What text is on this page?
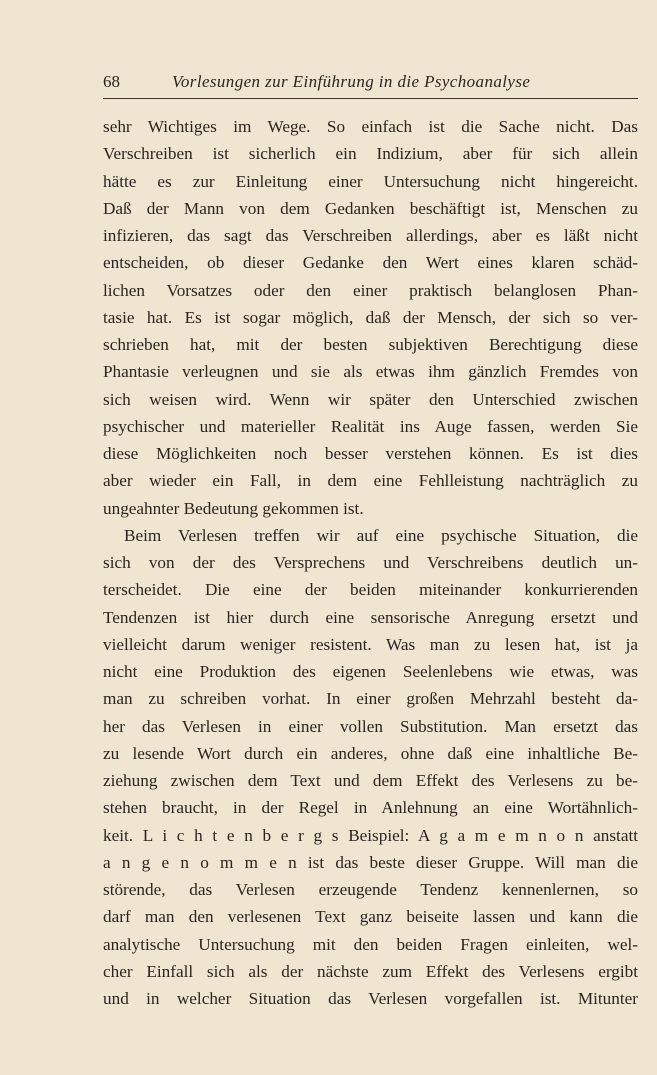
68	Vorlesungen zur Einführung in die Psychoanalyse
sehr Wichtiges im Wege. So einfach ist die Sache nicht. Das
Verschreiben ist sicherlich ein Indizium, aber für sich allein
hätte es zur Einleitung einer Untersuchung nicht hingereicht.
Daß der Mann von dem Gedanken beschäftigt ist, Menschen zu
infizieren, das sagt das Verschreiben allerdings, aber es läßt nicht
entscheiden, ob dieser Gedanke den Wert eines klaren schäd-
lichen Vorsatzes oder den einer praktisch belanglosen Phan-
tasie hat. Es ist sogar möglich, daß der Mensch, der sich so ver-
schrieben hat, mit der besten subjektiven Berechtigung diese
Phantasie verleugnen und sie als etwas ihm gänzlich Fremdes von
sich weisen wird. Wenn wir später den Unterschied zwischen
psychischer und materieller Realität ins Auge fassen, werden Sie
diese Möglichkeiten noch besser verstehen können. Es ist dies
aber wieder ein Fall, in dem eine Fehlleistung nachträglich zu
ungeahnter Bedeutung gekommen ist.
Beim Verlesen treffen wir auf eine psychische Situation, die
sich von der des Versprechens und Verschreibens deutlich un-
terscheidet. Die eine der beiden miteinander konkurrierenden
Tendenzen ist hier durch eine sensorische Anregung ersetzt und
vielleicht darum weniger resistent. Was man zu lesen hat, ist ja
nicht eine Produktion des eigenen Seelenlebens wie etwas, was
man zu schreiben vorhat. In einer großen Mehrzahl besteht da-
her das Verlesen in einer vollen Substitution. Man ersetzt das
zu lesende Wort durch ein anderes, ohne daß eine inhaltliche Be-
ziehung zwischen dem Text und dem Effekt des Verlesens zu be-
stehen braucht, in der Regel in Anlehnung an eine Wortähnlich-
keit. L i c h t e n b e r g s Beispiel: A g a m e m n o n anstatt
a n g e n o m m e n ist das beste dieser Gruppe. Will man die
störende, das Verlesen erzeugende Tendenz kennenlernen, so
darf man den verlesenen Text ganz beiseite lassen und kann die
analytische Untersuchung mit den beiden Fragen einleiten, wel-
cher Einfall sich als der nächste zum Effekt des Verlesens ergibt
und in welcher Situation das Verlesen vorgefallen ist. Mitunter
